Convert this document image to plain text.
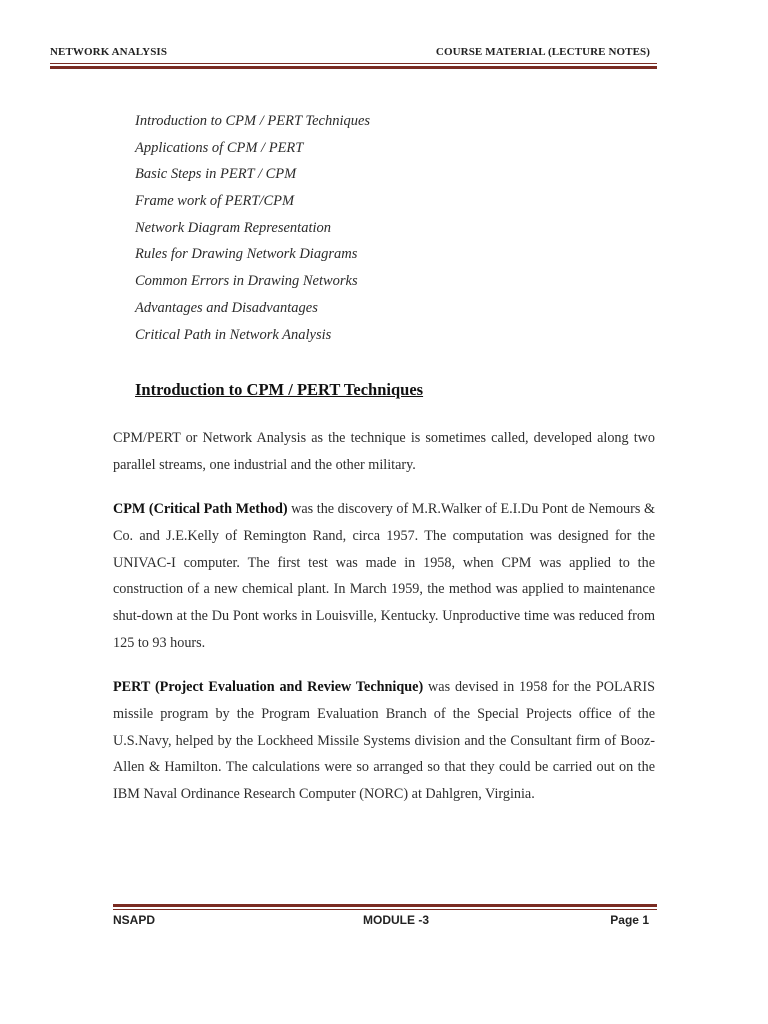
NETWORK ANALYSIS	COURSE MATERIAL (LECTURE NOTES)
Introduction to CPM / PERT Techniques
Applications of CPM / PERT
Basic Steps in PERT / CPM
Frame work of PERT/CPM
Network Diagram Representation
Rules for Drawing Network Diagrams
Common Errors in Drawing Networks
Advantages and Disadvantages
Critical Path in Network Analysis
Introduction to CPM / PERT Techniques

CPM/PERT or Network Analysis as the technique is sometimes called, developed along two parallel streams, one industrial and the other military.

CPM (Critical Path Method) was the discovery of M.R.Walker of E.I.Du Pont de Nemours & Co. and J.E.Kelly of Remington Rand, circa 1957. The computation was designed for the UNIVAC-I computer. The first test was made in 1958, when CPM was applied to the construction of a new chemical plant. In March 1959, the method was applied to maintenance shut-down at the Du Pont works in Louisville, Kentucky. Unproductive time was reduced from 125 to 93 hours.

PERT (Project Evaluation and Review Technique) was devised in 1958 for the POLARIS missile program by the Program Evaluation Branch of the Special Projects office of the U.S.Navy, helped by the Lockheed Missile Systems division and the Consultant firm of Booz-Allen & Hamilton. The calculations were so arranged so that they could be carried out on the IBM Naval Ordinance Research Computer (NORC) at Dahlgren, Virginia.

NSAPD	MODULE -3	Page 1
